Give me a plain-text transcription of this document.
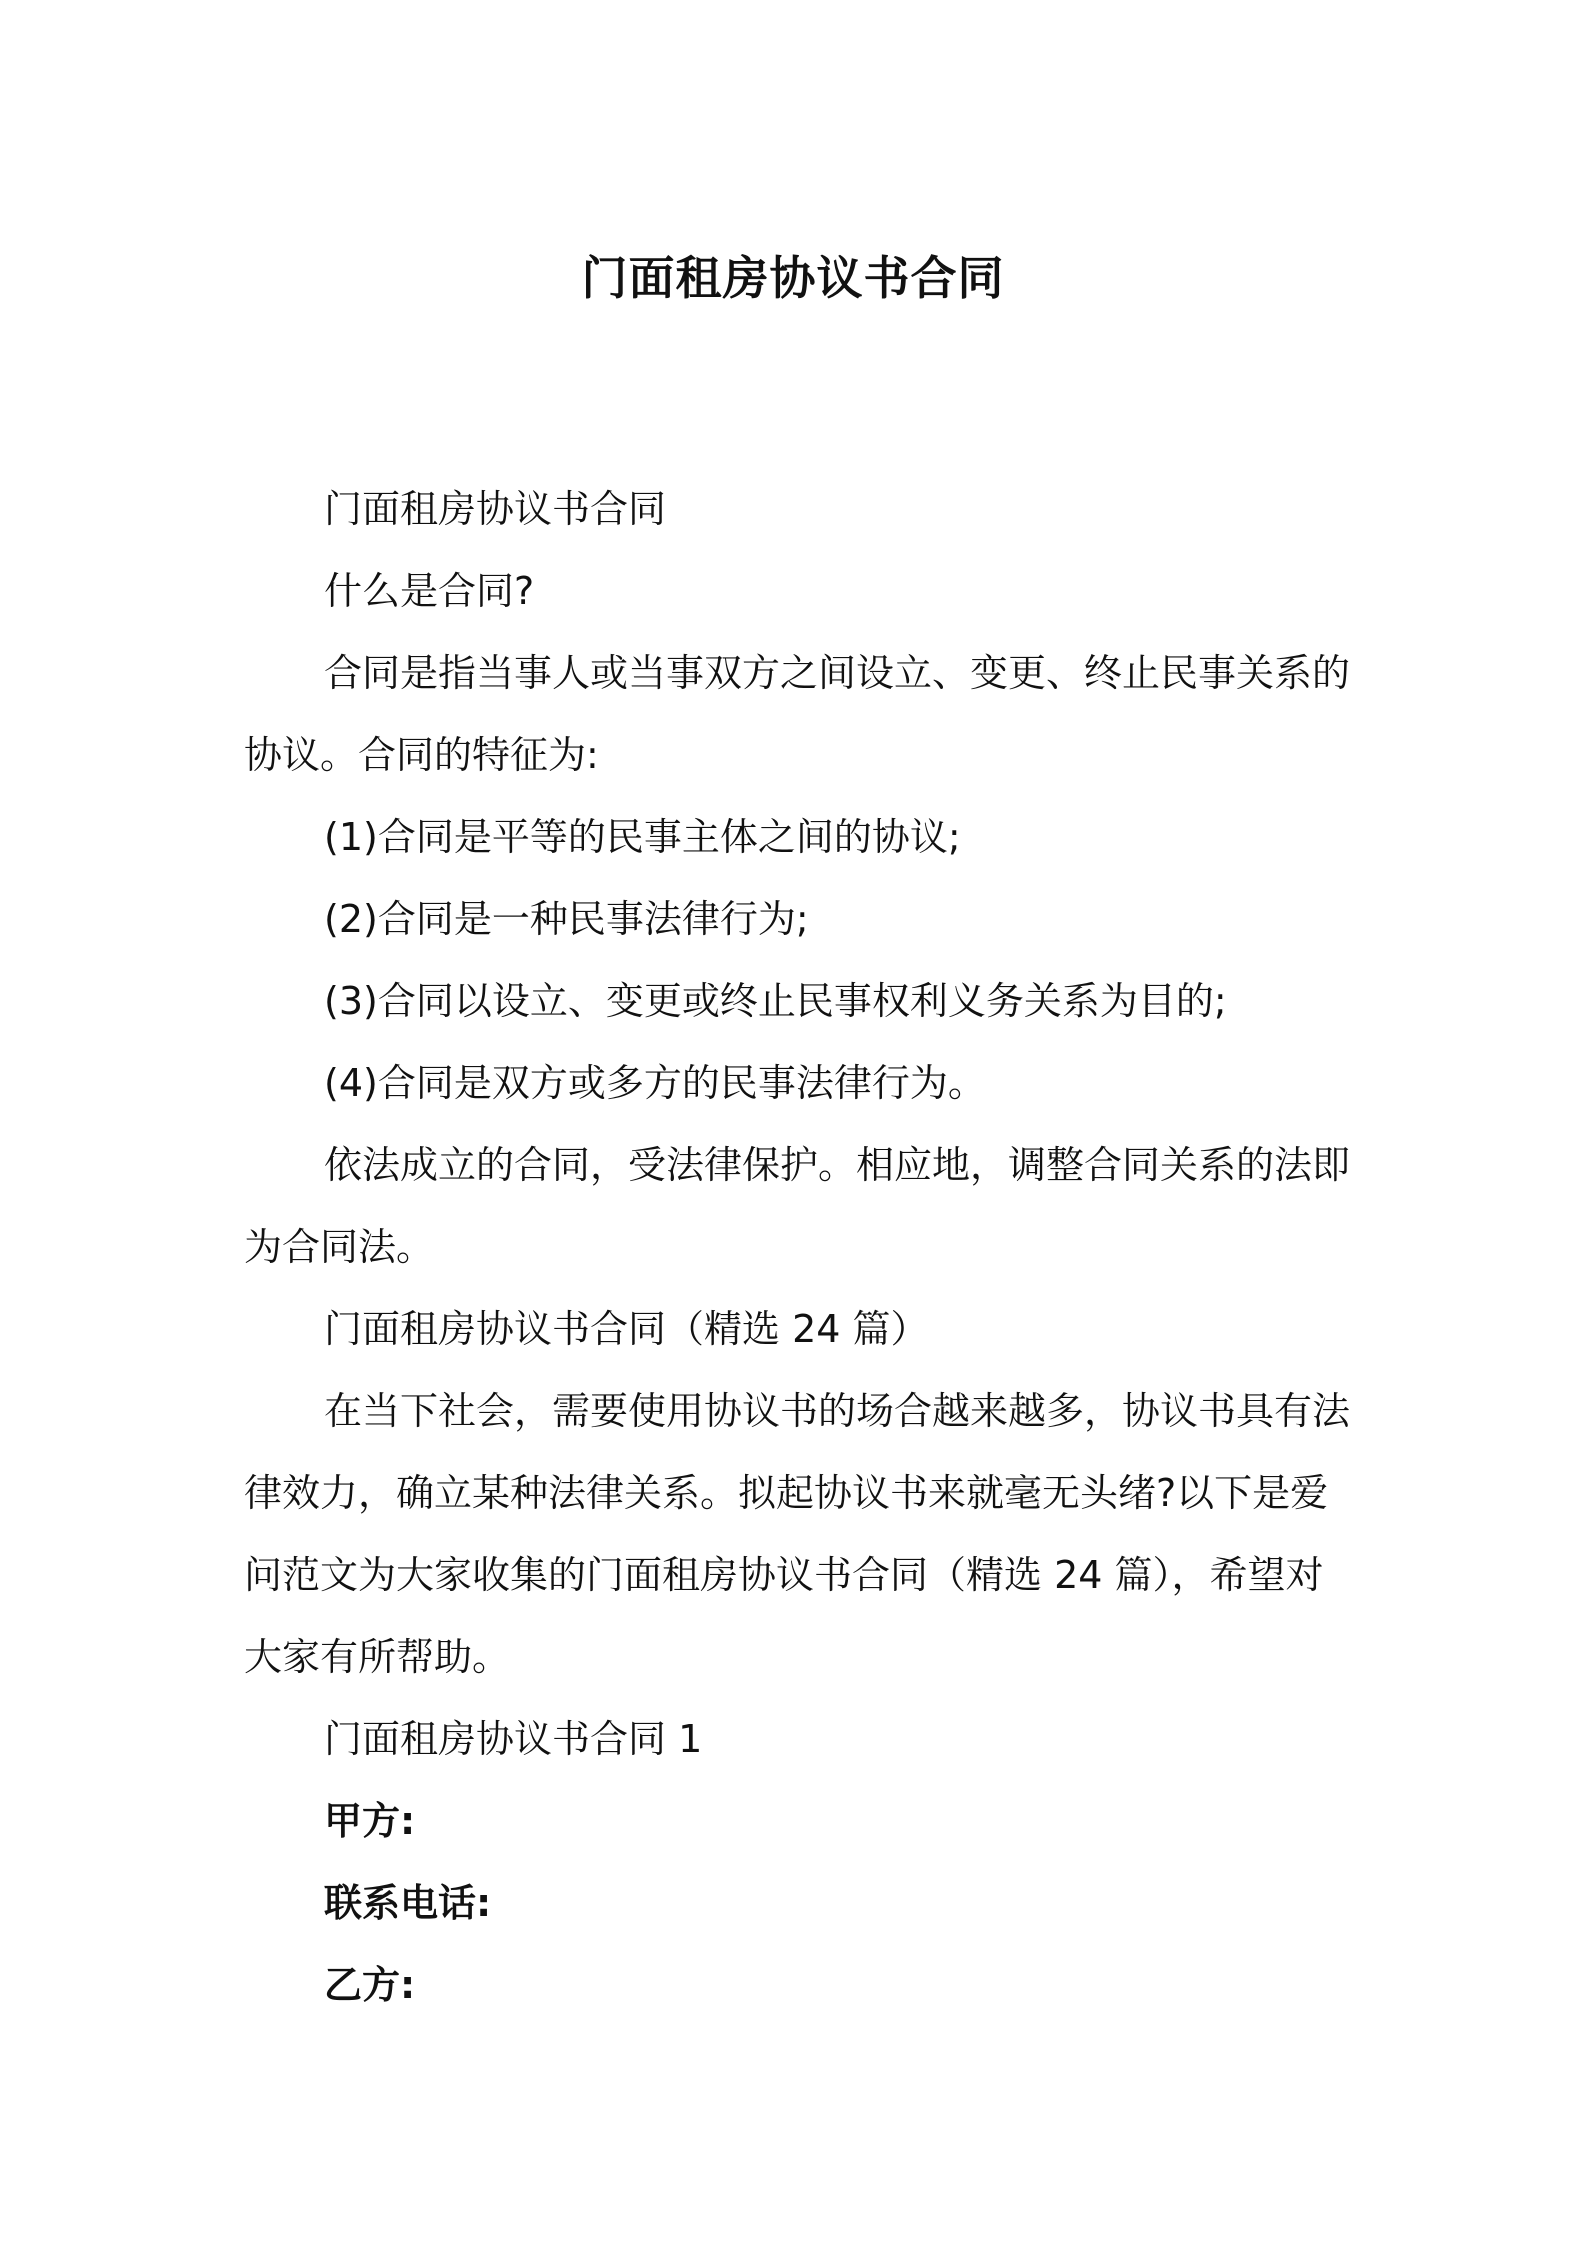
门面租房协议书合同

门面租房协议书合同

什么是合同?

合同是指当事人或当事双方之间设立、变更、终止民事关系的协议。合同的特征为:

(1)合同是平等的民事主体之间的协议;

(2)合同是一种民事法律行为;

(3)合同以设立、变更或终止民事权利义务关系为目的;

(4)合同是双方或多方的民事法律行为。

依法成立的合同，受法律保护。相应地，调整合同关系的法即为合同法。

门面租房协议书合同（精选 24 篇）

在当下社会，需要使用协议书的场合越来越多，协议书具有法律效力，确立某种法律关系。拟起协议书来就毫无头绪?以下是爱问范文为大家收集的门面租房协议书合同（精选 24 篇），希望对大家有所帮助。

门面租房协议书合同 1

甲方:

联系电话:

乙方:
